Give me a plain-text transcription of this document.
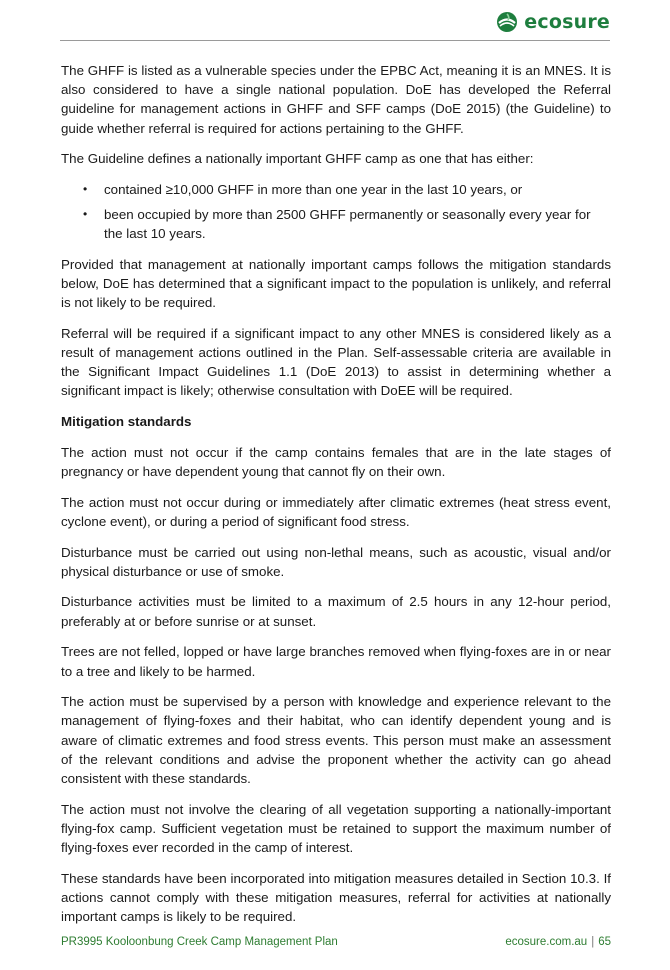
ecosure

The GHFF is listed as a vulnerable species under the EPBC Act, meaning it is an MNES. It is also considered to have a single national population. DoE has developed the Referral guideline for management actions in GHFF and SFF camps (DoE 2015) (the Guideline) to guide whether referral is required for actions pertaining to the GHFF.

The Guideline defines a nationally important GHFF camp as one that has either:

• contained ≥10,000 GHFF in more than one year in the last 10 years, or
• been occupied by more than 2500 GHFF permanently or seasonally every year for the last 10 years.

Provided that management at nationally important camps follows the mitigation standards below, DoE has determined that a significant impact to the population is unlikely, and referral is not likely to be required.

Referral will be required if a significant impact to any other MNES is considered likely as a result of management actions outlined in the Plan. Self-assessable criteria are available in the Significant Impact Guidelines 1.1 (DoE 2013) to assist in determining whether a significant impact is likely; otherwise consultation with DoEE will be required.

Mitigation standards

The action must not occur if the camp contains females that are in the late stages of pregnancy or have dependent young that cannot fly on their own.

The action must not occur during or immediately after climatic extremes (heat stress event, cyclone event), or during a period of significant food stress.

Disturbance must be carried out using non-lethal means, such as acoustic, visual and/or physical disturbance or use of smoke.

Disturbance activities must be limited to a maximum of 2.5 hours in any 12-hour period, preferably at or before sunrise or at sunset.

Trees are not felled, lopped or have large branches removed when flying-foxes are in or near to a tree and likely to be harmed.

The action must be supervised by a person with knowledge and experience relevant to the management of flying-foxes and their habitat, who can identify dependent young and is aware of climatic extremes and food stress events. This person must make an assessment of the relevant conditions and advise the proponent whether the activity can go ahead consistent with these standards.

The action must not involve the clearing of all vegetation supporting a nationally-important flying-fox camp. Sufficient vegetation must be retained to support the maximum number of flying-foxes ever recorded in the camp of interest.

These standards have been incorporated into mitigation measures detailed in Section 10.3. If actions cannot comply with these mitigation measures, referral for activities at nationally important camps is likely to be required.

PR3995 Kooloonbung Creek Camp Management Plan	ecosure.com.au | 65
